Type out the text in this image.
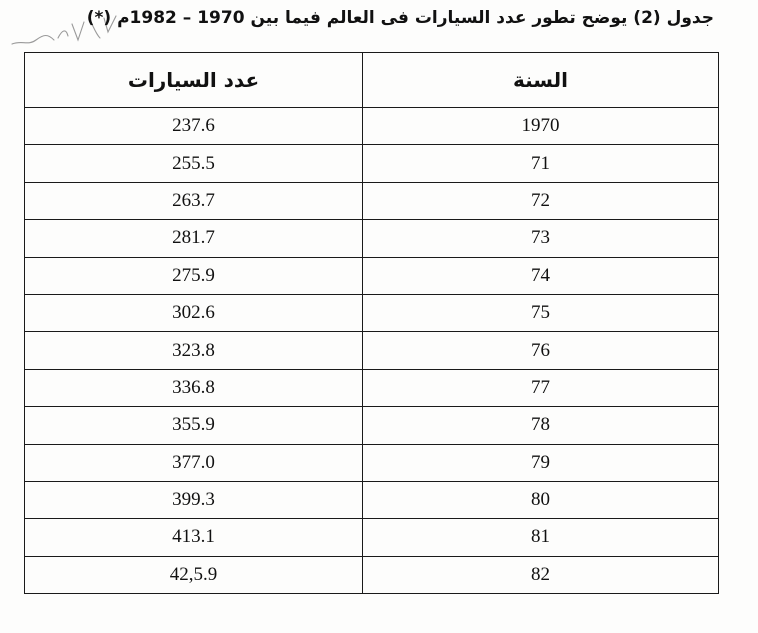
جدول (2) يوضح تطور عدد السيارات فى العالم فيما بين 1970 – 1982م (*)
السنة	عدد السيارات
1970	237.6
71	255.5
72	263.7
73	281.7
74	275.9
75	302.6
76	323.8
77	336.8
78	355.9
79	377.0
80	399.3
81	413.1
82	42,5.9
